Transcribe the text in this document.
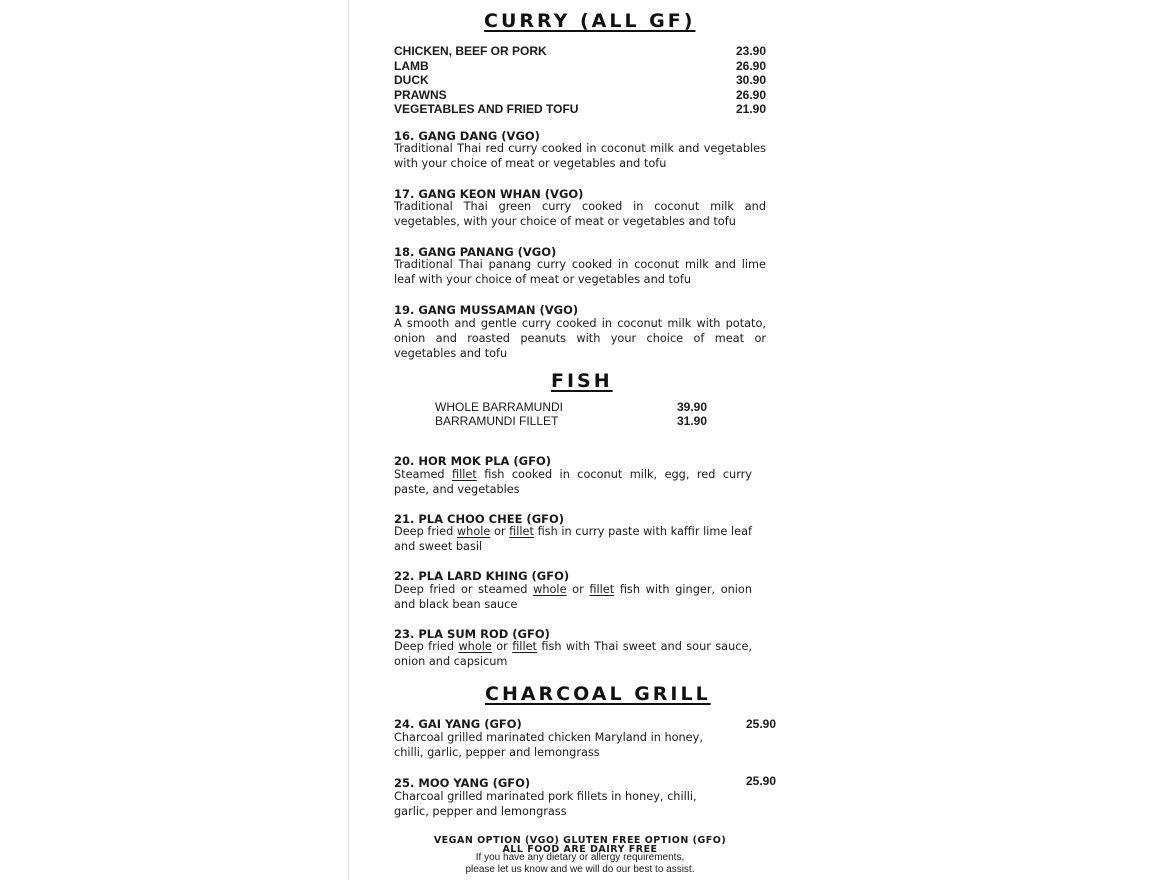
CURRY (ALL GF)
CHICKEN, BEEF OR PORK	23.90
LAMB	26.90
DUCK	30.90
PRAWNS	26.90
VEGETABLES AND FRIED TOFU	21.90
16. GANG DANG (VGO)
Traditional Thai red curry cooked in coconut milk and vegetables with your choice of meat or vegetables and tofu
17. GANG KEON WHAN (VGO)
Traditional Thai green curry cooked in coconut milk and vegetables, with your choice of meat or vegetables and tofu
18. GANG PANANG (VGO)
Traditional Thai panang curry cooked in coconut milk and lime leaf with your choice of meat or vegetables and tofu
19. GANG MUSSAMAN (VGO)
A smooth and gentle curry cooked in coconut milk with potato, onion and roasted peanuts with your choice of meat or vegetables and tofu
FISH
WHOLE BARRAMUNDI	39.90
BARRAMUNDI FILLET	31.90
20. HOR MOK PLA (GFO)
Steamed fillet fish cooked in coconut milk, egg, red curry paste, and vegetables
21. PLA CHOO CHEE (GFO)
Deep fried whole or fillet fish in curry paste with kaffir lime leaf and sweet basil
22. PLA LARD KHING (GFO)
Deep fried or steamed whole or fillet fish with ginger, onion and black bean sauce
23. PLA SUM ROD (GFO)
Deep fried whole or fillet fish with Thai sweet and sour sauce, onion and capsicum
CHARCOAL GRILL
24. GAI YANG (GFO)	25.90
Charcoal grilled marinated chicken Maryland in honey, chilli, garlic, pepper and lemongrass
25. MOO YANG (GFO)	25.90
Charcoal grilled marinated pork fillets in honey, chilli, garlic, pepper and lemongrass
VEGAN OPTION (VGO) GLUTEN FREE OPTION (GFO)
ALL FOOD ARE DAIRY FREE
If you have any dietary or allergy requirements,
please let us know and we will do our best to assist.
